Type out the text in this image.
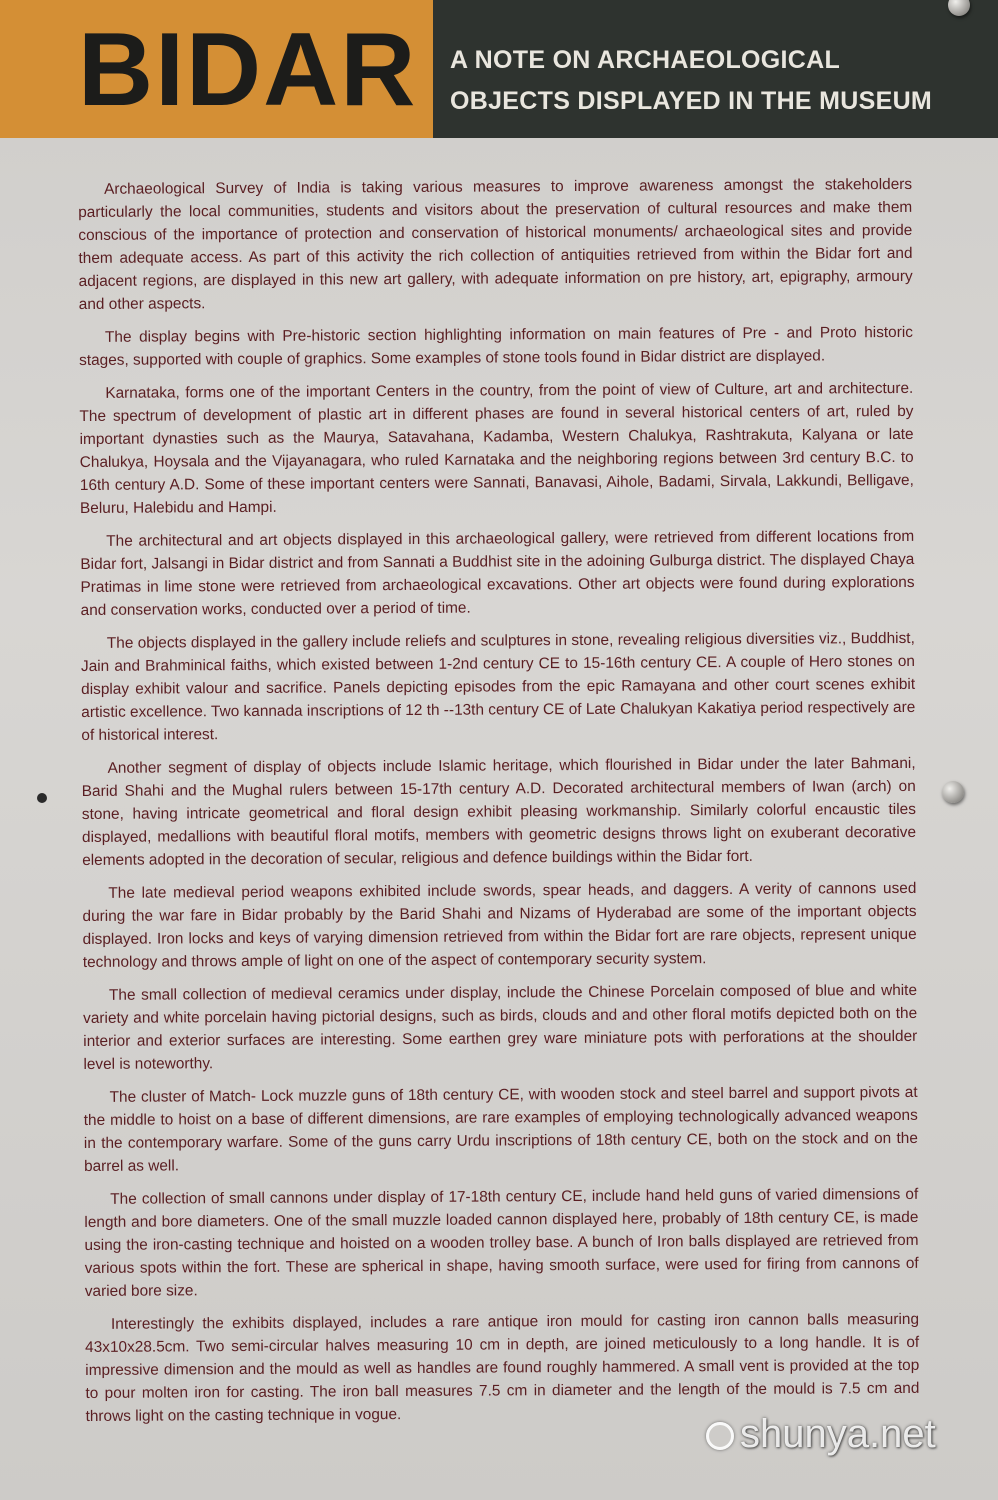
BIDAR A NOTE ON ARCHAEOLOGICAL
OBJECTS DISPLAYED IN THE MUSEUM

Archaeological Survey of India is taking various measures to improve awareness amongst the stakeholders particularly the local communities, students and visitors about the preservation of cultural resources and make them conscious of the importance of protection and conservation of historical monuments/ archaeological sites and provide them adequate access. As part of this activity the rich collection of antiquities retrieved from within the Bidar fort and adjacent regions, are displayed in this new art gallery, with adequate information on pre history, art, epigraphy, armoury and other aspects.

The display begins with Pre-historic section highlighting information on main features of Pre - and Proto historic stages, supported with couple of graphics. Some examples of stone tools found in Bidar district are displayed.

Karnataka, forms one of the important Centers in the country, from the point of view of Culture, art and architecture. The spectrum of development of plastic art in different phases are found in several historical centers of art, ruled by important dynasties such as the Maurya, Satavahana, Kadamba, Western Chalukya, Rashtrakuta, Kalyana or late Chalukya, Hoysala and the Vijayanagara, who ruled Karnataka and the neighboring regions between 3rd century B.C. to 16th century A.D. Some of these important centers were Sannati, Banavasi, Aihole, Badami, Sirvala, Lakkundi, Belligave, Beluru, Halebidu and Hampi.

The architectural and art objects displayed in this archaeological gallery, were retrieved from different locations from Bidar fort, Jalsangi in Bidar district and from Sannati a Buddhist site in the adoining Gulburga district. The displayed Chaya Pratimas in lime stone were retrieved from archaeological excavations. Other art objects were found during explorations and conservation works, conducted over a period of time.

The objects displayed in the gallery include reliefs and sculptures in stone, revealing religious diversities viz., Buddhist, Jain and Brahminical faiths, which existed between 1-2nd century CE to 15-16th century CE. A couple of Hero stones on display exhibit valour and sacrifice. Panels depicting episodes from the epic Ramayana and other court scenes exhibit artistic excellence. Two kannada inscriptions of 12 th --13th century CE of Late Chalukyan Kakatiya period respectively are of historical interest.

Another segment of display of objects include Islamic heritage, which flourished in Bidar under the later Bahmani, Barid Shahi and the Mughal rulers between 15-17th century A.D. Decorated architectural members of Iwan (arch) on stone, having intricate geometrical and floral design exhibit pleasing workmanship. Similarly colorful encaustic tiles displayed, medallions with beautiful floral motifs, members with geometric designs throws light on exuberant decorative elements adopted in the decoration of secular, religious and defence buildings within the Bidar fort.

The late medieval period weapons exhibited include swords, spear heads, and daggers. A verity of cannons used during the war fare in Bidar probably by the Barid Shahi and Nizams of Hyderabad are some of the important objects displayed. Iron locks and keys of varying dimension retrieved from within the Bidar fort are rare objects, represent unique technology and throws ample of light on one of the aspect of contemporary security system.

The small collection of medieval ceramics under display, include the Chinese Porcelain composed of blue and white variety and white porcelain having pictorial designs, such as birds, clouds and and other floral motifs depicted both on the interior and exterior surfaces are interesting. Some earthen grey ware miniature pots with perforations at the shoulder level is noteworthy.

The cluster of Match- Lock muzzle guns of 18th century CE, with wooden stock and steel barrel and support pivots at the middle to hoist on a base of different dimensions, are rare examples of employing technologically advanced weapons in the contemporary warfare. Some of the guns carry Urdu inscriptions of 18th century CE, both on the stock and on the barrel as well.

The collection of small cannons under display of 17-18th century CE, include hand held guns of varied dimensions of length and bore diameters. One of the small muzzle loaded cannon displayed here, probably of 18th century CE, is made using the iron-casting technique and hoisted on a wooden trolley base. A bunch of Iron balls displayed are retrieved from various spots within the fort. These are spherical in shape, having smooth surface, were used for firing from cannons of varied bore size.

Interestingly the exhibits displayed, includes a rare antique iron mould for casting iron cannon balls measuring 43x10x28.5cm. Two semi-circular halves measuring 10 cm in depth, are joined meticulously to a long handle. It is of impressive dimension and the mould as well as handles are found roughly hammered. A small vent is provided at the top to pour molten iron for casting. The iron ball measures 7.5 cm in diameter and the length of the mould is 7.5 cm and throws light on the casting technique in vogue.	shunya.net
